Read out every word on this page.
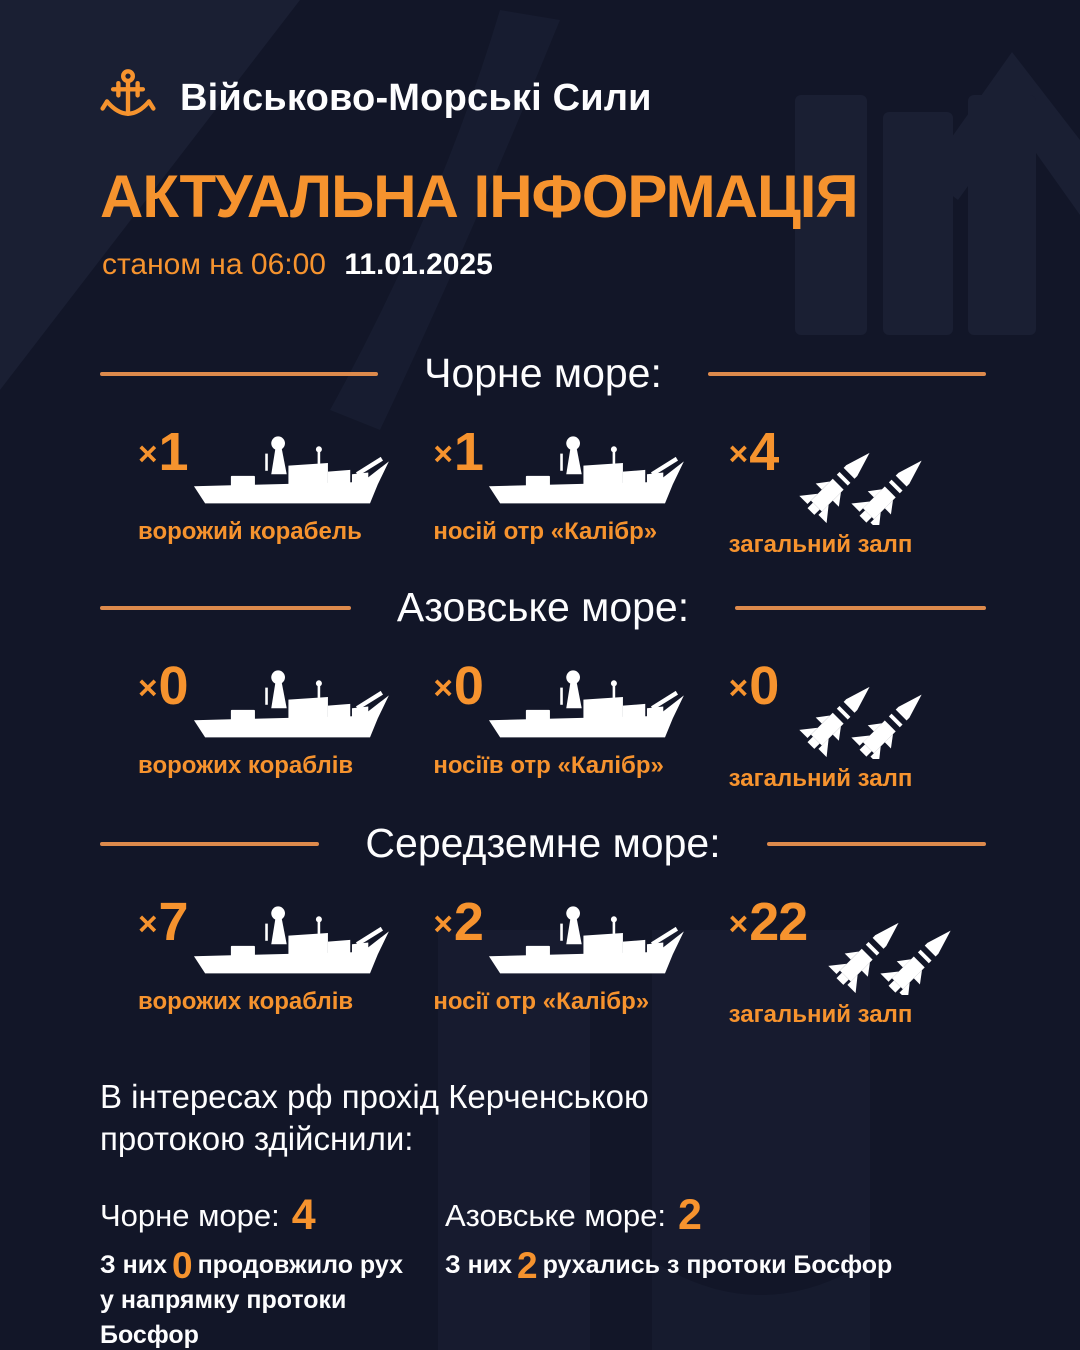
Військово-Морські Сили
АКТУАЛЬНА ІНФОРМАЦІЯ
станом на 06:00 11.01.2025
Чорне море:
×1
ворожий корабель
×1
носій отр «Калібр»
×4
загальний залп
Азовське море:
×0
ворожих кораблів
×0
носіїв отр «Калібр»
×0
загальний залп
Середземне море:
×7
ворожих кораблів
×2
носії отр «Калібр»
×22
загальний залп
В інтересах рф прохід Керченською протокою здійснили:
Чорне море: 4
З них 0 продовжило рух
у напрямку протоки Босфор
Азовське море: 2
З них 2 рухались з протоки Босфор
